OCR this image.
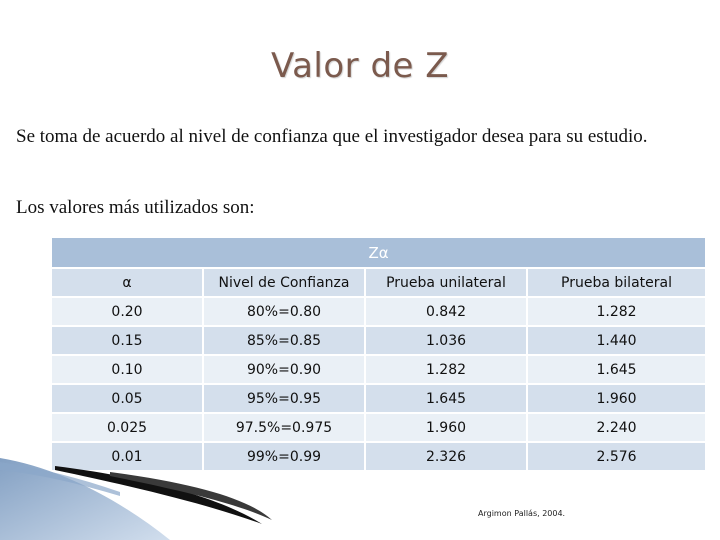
Valor de Z
Se toma de acuerdo al nivel de confianza que el investigador desea para su estudio.
Los valores más utilizados son:
Zα			
α	Nivel de Confianza	Prueba unilateral	Prueba bilateral
0.20	80%=0.80	0.842	1.282
0.15	85%=0.85	1.036	1.440
0.10	90%=0.90	1.282	1.645
0.05	95%=0.95	1.645	1.960
0.025	97.5%=0.975	1.960	2.240
0.01	99%=0.99	2.326	2.576
Argimon Pallás, 2004.
